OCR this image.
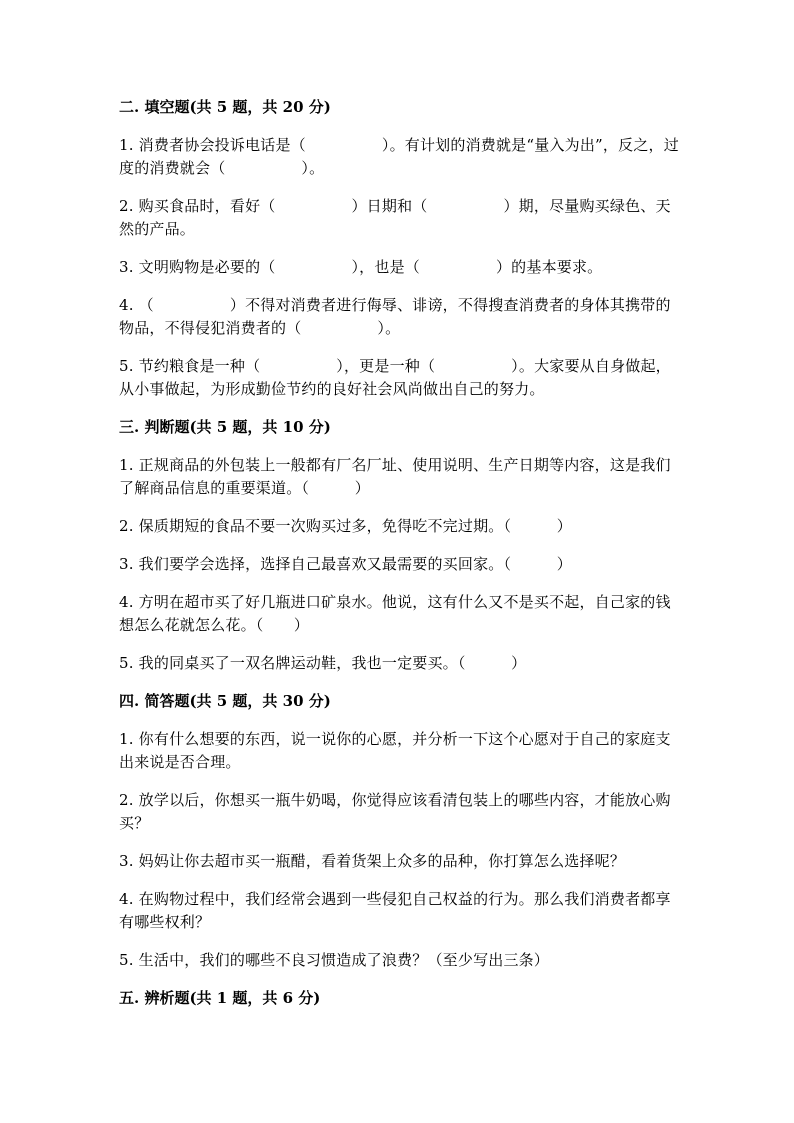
二. 填空题(共 5 题，共 20 分)
1. 消费者协会投诉电话是（　　　　　）。有计划的消费就是“量入为出”，反之，过度的消费就会（　　　　　）。
2. 购买食品时，看好（　　　　　）日期和（　　　　　）期，尽量购买绿色、天然的产品。
3. 文明购物是必要的（　　　　　），也是（　　　　　）的基本要求。
4. （　　　　　）不得对消费者进行侮辱、诽谤，不得搜查消费者的身体其携带的物品，不得侵犯消费者的（　　　　　）。
5. 节约粮食是一种（　　　　　），更是一种（　　　　　）。大家要从自身做起，从小事做起，为形成勤俭节约的良好社会风尚做出自己的努力。
三. 判断题(共 5 题，共 10 分)
1. 正规商品的外包装上一般都有厂名厂址、使用说明、生产日期等内容，这是我们了解商品信息的重要渠道。（　　　）
2. 保质期短的食品不要一次购买过多，免得吃不完过期。（　　　）
3. 我们要学会选择，选择自己最喜欢又最需要的买回家。（　　　）
4. 方明在超市买了好几瓶进口矿泉水。他说，这有什么又不是买不起，自己家的钱想怎么花就怎么花。（　　）
5. 我的同桌买了一双名牌运动鞋，我也一定要买。（　　　）
四. 简答题(共 5 题，共 30 分)
1. 你有什么想要的东西，说一说你的心愿，并分析一下这个心愿对于自己的家庭支出来说是否合理。
2. 放学以后，你想买一瓶牛奶喝，你觉得应该看清包装上的哪些内容，才能放心购买？
3. 妈妈让你去超市买一瓶醋，看着货架上众多的品种，你打算怎么选择呢？
4. 在购物过程中，我们经常会遇到一些侵犯自己权益的行为。那么我们消费者都享有哪些权利？
5. 生活中，我们的哪些不良习惯造成了浪费？（至少写出三条）
五. 辨析题(共 1 题，共 6 分)
